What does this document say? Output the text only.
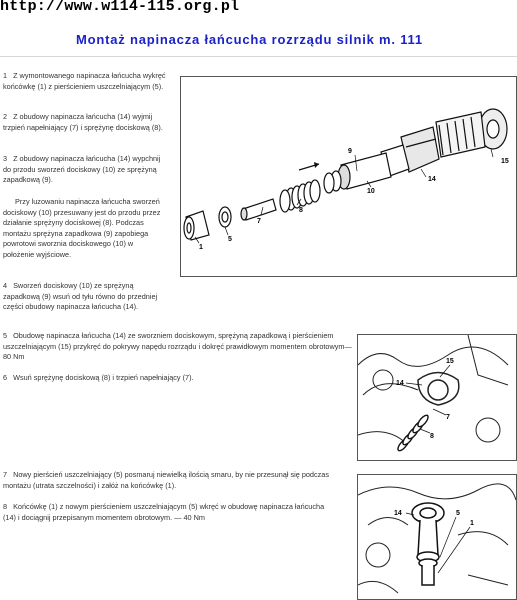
http://www.w114-115.org.pl
Montaż napinacza łańcucha rozrządu silnik m. 111
1 Z wymontowanego napinacza łańcucha wykręć końcówkę (1) z pierścieniem uszczelniającym (5).
2 Z obudowy napinacza łańcucha (14) wyjmij trzpień napełniający (7) i sprężynę dociskową (8).
3 Z obudowy napinacza łańcucha (14) wypchnij do przodu sworzeń dociskowy (10) ze sprężyną zapadkową (9).
Przy luzowaniu napinacza łańcucha sworzeń dociskowy (10) przesuwany jest do przodu przez działanie sprężyny dociskowej (8). Podczas montażu sprężyna zapadkowa (9) zapobiega powrotowi sworznia dociskowego (10) w położenie wyjściowe.
4 Sworzeń dociskowy (10) ze sprężyną zapadkową (9) wsuń od tyłu równo do przedniej części obudowy napinacza łańcucha (14).
5 Obudowę napinacza łańcucha (14) ze sworzniem dociskowym, sprężyną zapadkową i pierścieniem uszczelniającym (15) przykręć do pokrywy napędu rozrządu i dokręć prawidłowym momentem obrotowym— 80 Nm
6 Wsuń sprężynę dociskową (8) i trzpień napełniający (7).
7 Nowy pierścień uszczelniający (5) posmaruj niewielką ilością smaru, by nie przesunął się podczas montażu (utrata szczelności) i załóż na końcówkę (1).
8 Końcówkę (1) z nowym pierścieniem uszczelniającym (5) wkręć w obudowę napinacza łańcucha (14) i dociągnij przepisanym momentem obrotowym. — 40 Nm
15
14
9
10
8
7
5
1
14
15
7
8
14	5
1
